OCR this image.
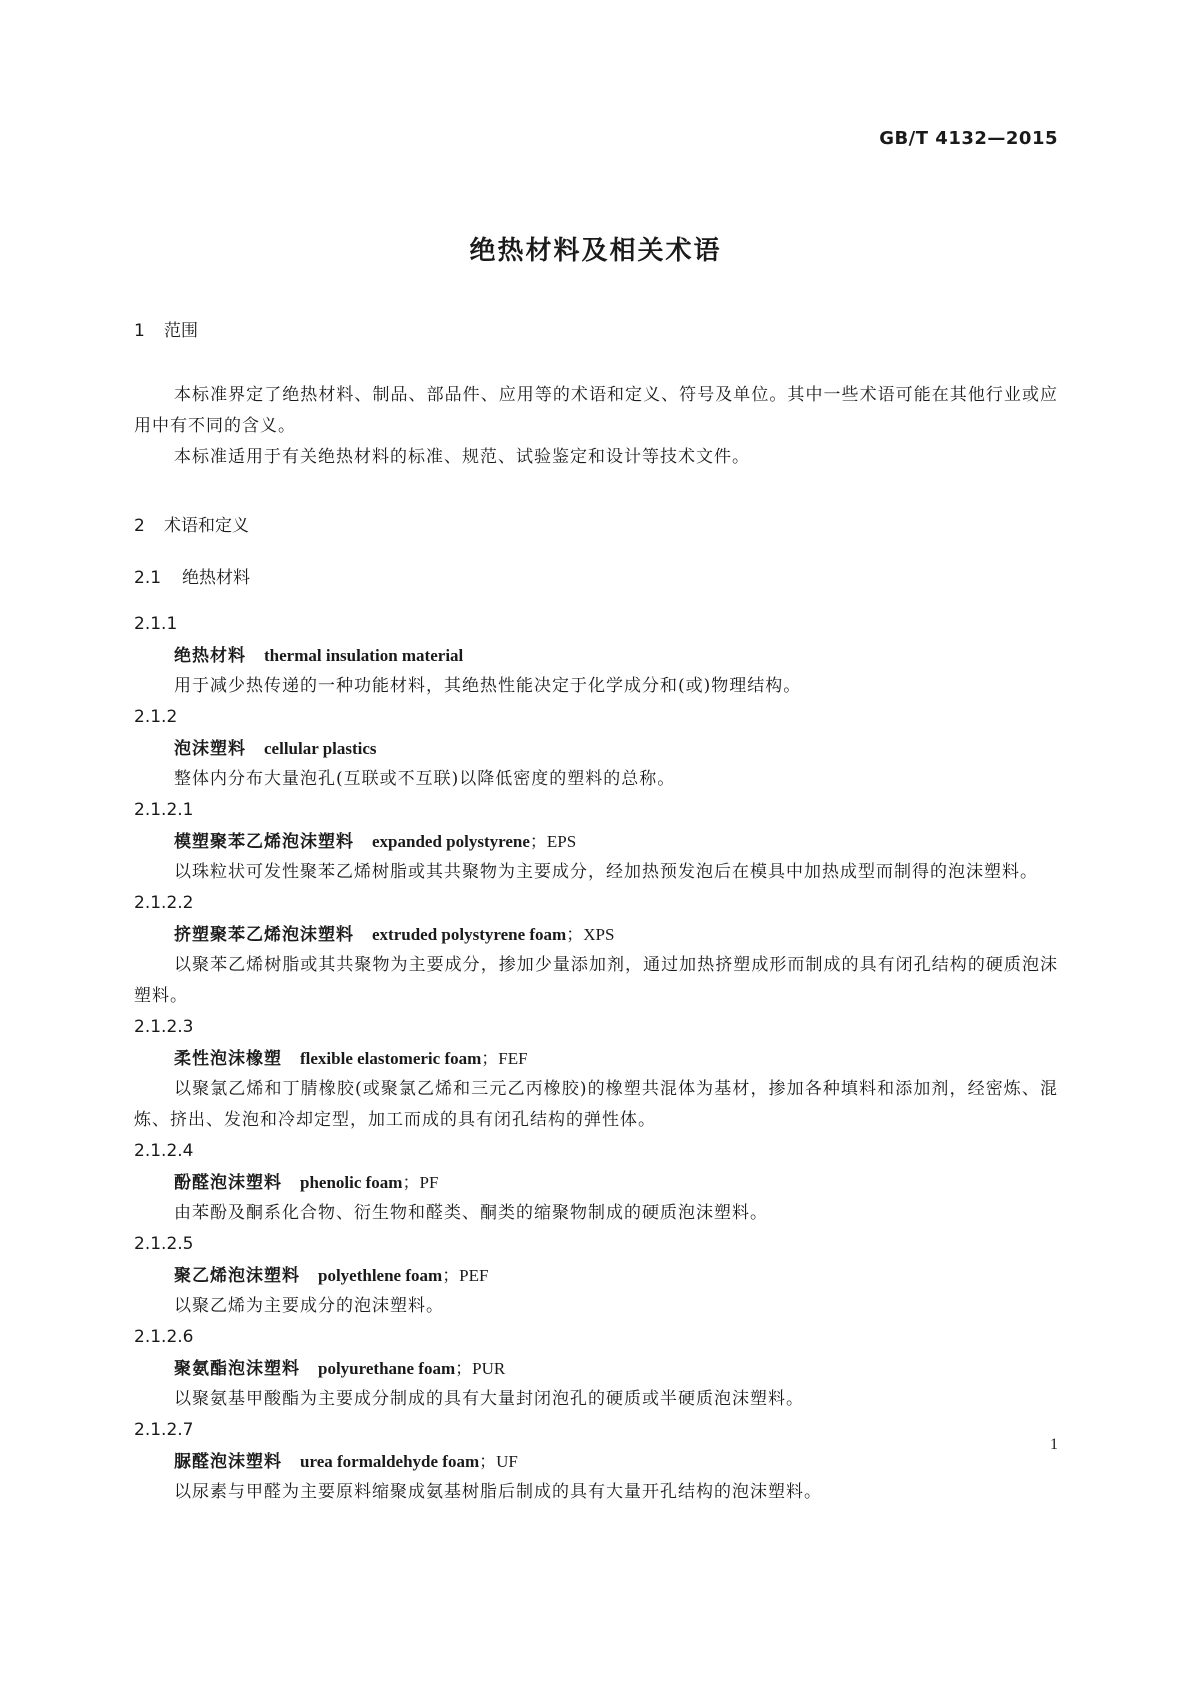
GB/T 4132—2015
绝热材料及相关术语
1 范围
本标准界定了绝热材料、制品、部品件、应用等的术语和定义、符号及单位。其中一些术语可能在其他行业或应用中有不同的含义。
本标准适用于有关绝热材料的标准、规范、试验鉴定和设计等技术文件。
2 术语和定义
2.1 绝热材料
2.1.1
绝热材料 thermal insulation material
用于减少热传递的一种功能材料，其绝热性能决定于化学成分和(或)物理结构。
2.1.2
泡沫塑料 cellular plastics
整体内分布大量泡孔(互联或不互联)以降低密度的塑料的总称。
2.1.2.1
模塑聚苯乙烯泡沫塑料 expanded polystyrene；EPS
以珠粒状可发性聚苯乙烯树脂或其共聚物为主要成分，经加热预发泡后在模具中加热成型而制得的泡沫塑料。
2.1.2.2
挤塑聚苯乙烯泡沫塑料 extruded polystyrene foam；XPS
以聚苯乙烯树脂或其共聚物为主要成分，掺加少量添加剂，通过加热挤塑成形而制成的具有闭孔结构的硬质泡沫塑料。
2.1.2.3
柔性泡沫橡塑 flexible elastomeric foam；FEF
以聚氯乙烯和丁腈橡胶(或聚氯乙烯和三元乙丙橡胶)的橡塑共混体为基材，掺加各种填料和添加剂，经密炼、混炼、挤出、发泡和冷却定型，加工而成的具有闭孔结构的弹性体。
2.1.2.4
酚醛泡沫塑料 phenolic foam；PF
由苯酚及酮系化合物、衍生物和醛类、酮类的缩聚物制成的硬质泡沫塑料。
2.1.2.5
聚乙烯泡沫塑料 polyethlene foam；PEF
以聚乙烯为主要成分的泡沫塑料。
2.1.2.6
聚氨酯泡沫塑料 polyurethane foam；PUR
以聚氨基甲酸酯为主要成分制成的具有大量封闭泡孔的硬质或半硬质泡沫塑料。
2.1.2.7
脲醛泡沫塑料 urea formaldehyde foam；UF
以尿素与甲醛为主要原料缩聚成氨基树脂后制成的具有大量开孔结构的泡沫塑料。
1
